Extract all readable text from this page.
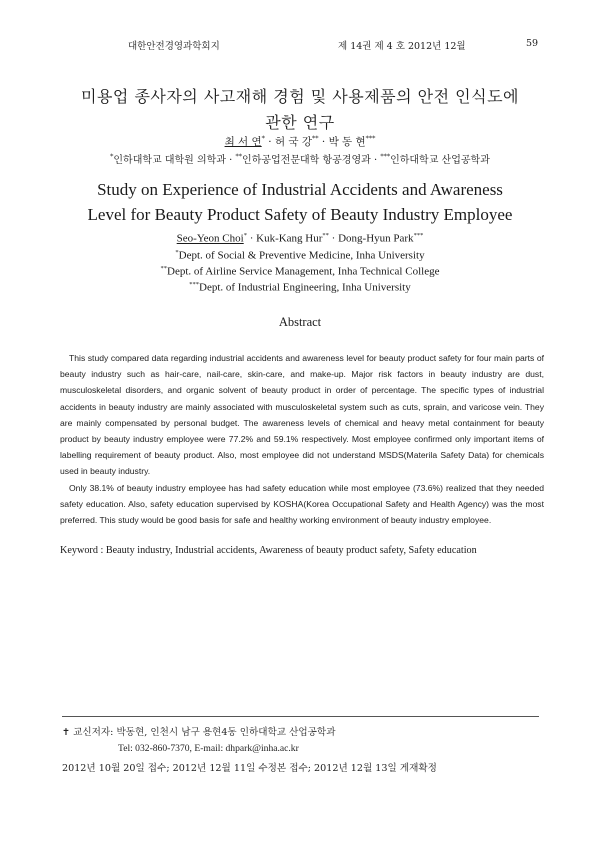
대한안전경영과학회지	제 14권 제 4 호 2012년 12월	59
미용업 종사자의 사고재해 경험 및 사용제품의 안전 인식도에
관한 연구
최 서 연* · 허 국 강** · 박 동 현***
*인하대학교 대학원 의학과 · **인하공업전문대학 항공경영과 · ***인하대학교 산업공학과
Study on Experience of Industrial Accidents and Awareness
Level for Beauty Product Safety of Beauty Industry Employee
Seo-Yeon Choi* · Kuk-Kang Hur** · Dong-Hyun Park***
*Dept. of Social & Preventive Medicine, Inha University
**Dept. of Airline Service Management, Inha Technical College
***Dept. of Industrial Engineering, Inha University
Abstract

This study compared data regarding industrial accidents and awareness level for beauty product safety for four main parts of beauty industry such as hair-care, nail-care, skin-care, and make-up. Major risk factors in beauty industry are dust, musculoskeletal disorders, and organic solvent of beauty product in order of percentage. The specific types of industrial accidents in beauty industry are mainly associated with musculoskeletal system such as cuts, sprain, and varicose vein. They are mainly compensated by personal budget. The awareness levels of chemical and heavy metal containment for beauty product by beauty industry employee were 77.2% and 59.1% respectively. Most employee confirmed only important items of labelling requirement of beauty product. Also, most employee did not understand MSDS(Materila Safety Data) for chemicals used in beauty industry.

Only 38.1% of beauty industry employee has had safety education while most employee (73.6%) realized that they needed safety education. Also, safety education supervised by KOSHA(Korea Occupational Safety and Health Agency) was the most preferred. This study would be good basis for safe and healthy working environment of beauty industry employee.

Keyword : Beauty industry, Industrial accidents, Awareness of beauty product safety, Safety education
✝ 교신저자: 박동현, 인천시 남구 용현4동 인하대학교 산업공학과
Tel: 032-860-7370, E-mail: dhpark@inha.ac.kr
2012년 10월 20일 접수; 2012년 12월 11일 수정본 접수; 2012년 12월 13일 게재확정
